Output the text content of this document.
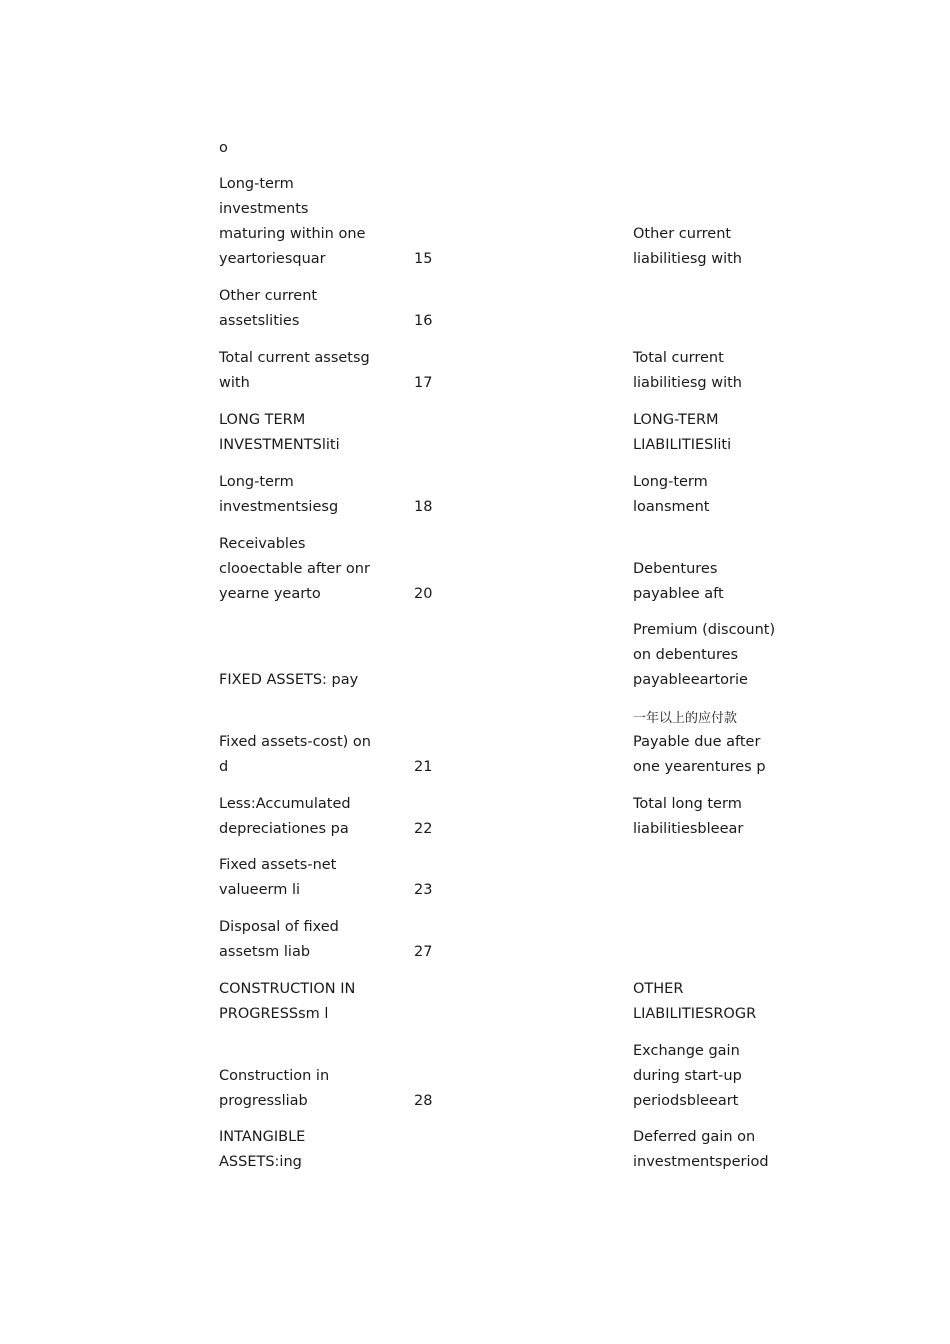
o
Long-term
investments
maturing within one
yeartoriesquar
Other current
assetslities
Total current assetsg
with
LONG TERM
INVESTMENTSliti
Long-term
investmentsiesg
Receivables
clooectable after onr
yearne yearto
FIXED ASSETS: pay
Fixed assets-cost) on
d
Less:Accumulated
depreciationes pa
Fixed assets-net
valueerm li
Disposal of fixed
assetsm liab
CONSTRUCTION IN
PROGRESSsm l
Construction in
progressliab
INTANGIBLE
ASSETS:ing
15
16
17
18
20
21
22
23
27
28
Other current
liabilitiesg with
Total current
liabilitiesg with
LONG-TERM
LIABILITIESliti
Long-term
loansment
Debentures
payablee aft
Premium (discount)
on debentures
payableeartorie
一年以上的应付款
Payable due after
one yearentures p
Total long term
liabilitiesbleear
OTHER
LIABILITIESROGR
Exchange gain
during start-up
periodsbleeart
Deferred gain on
investmentsperiod
